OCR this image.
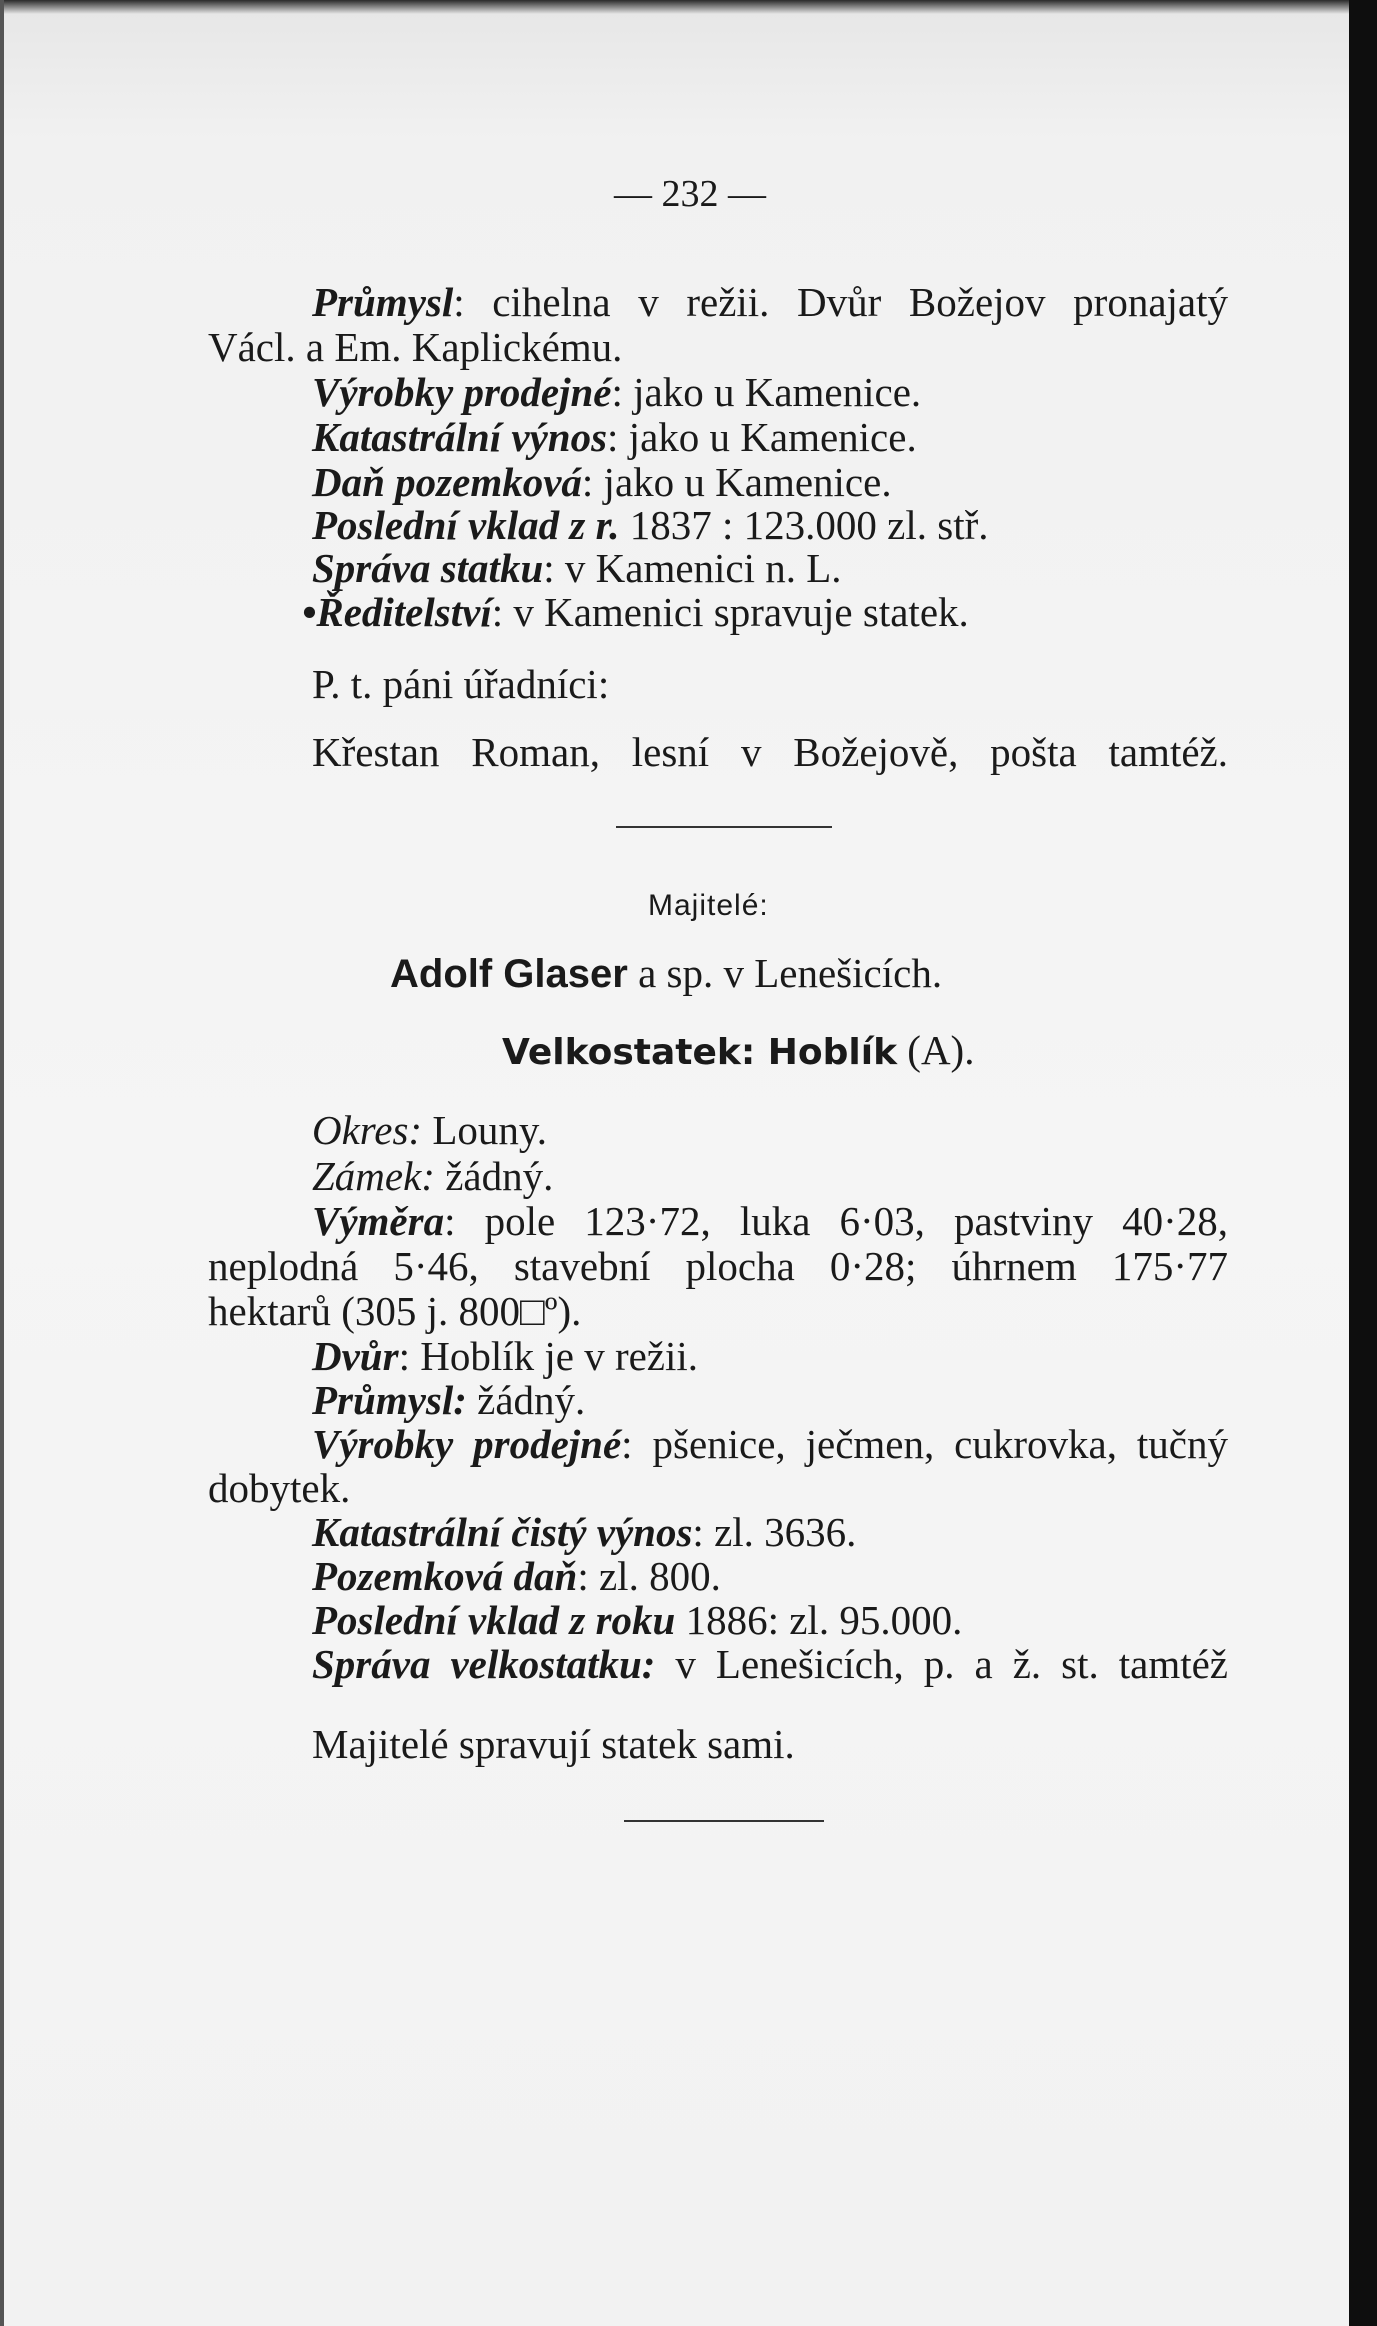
— 232 —
Průmysl: cihelna v režii. Dvůr Božejov pronajatý
Václ. a Em. Kaplickému.
Výrobky prodejné: jako u Kamenice.
Katastrální výnos: jako u Kamenice.
Daň pozemková: jako u Kamenice.
Poslední vklad z r. 1837 : 123.000 zl. stř.
Správa statku: v Kamenici n. L.
•Ředitelství: v Kamenici spravuje statek.
P. t. páni úřadníci:
Křestan Roman, lesní v Božejově, pošta tamtéž.
Majitelé:
Adolf Glaser a sp. v Lenešicích.
Velkostatek: Hoblík (A).
Okres: Louny.
Zámek: žádný.
Výměra: pole 123·72, luka 6·03, pastviny 40·28,
neplodná 5·46, stavební plocha 0·28; úhrnem 175·77
hektarů (305 j. 800□º).
Dvůr: Hoblík je v režii.
Průmysl: žádný.
Výrobky prodejné: pšenice, ječmen, cukrovka, tučný
dobytek.
Katastrální čistý výnos: zl. 3636.
Pozemková daň: zl. 800.
Poslední vklad z roku 1886: zl. 95.000.
Správa velkostatku: v Lenešicích, p. a ž. st. tamtéž
Majitelé spravují statek sami.
